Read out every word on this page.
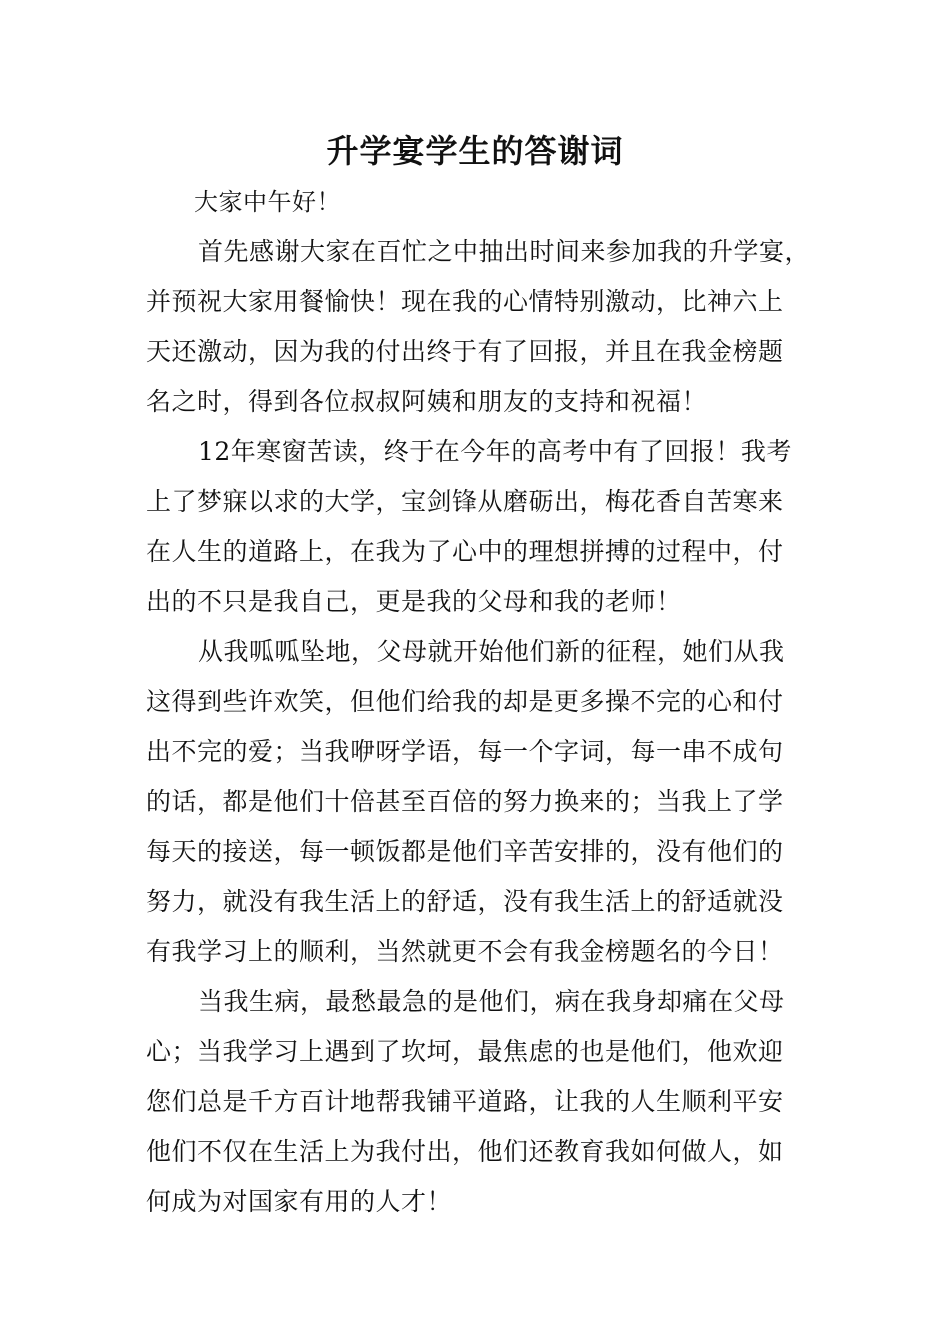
升学宴学生的答谢词
大家中午好！
首先感谢大家在百忙之中抽出时间来参加我的升学宴，
并预祝大家用餐愉快！现在我的心情特别激动，比神六上
天还激动，因为我的付出终于有了回报，并且在我金榜题
名之时，得到各位叔叔阿姨和朋友的支持和祝福！
12年寒窗苦读，终于在今年的高考中有了回报！我考
上了梦寐以求的大学，宝剑锋从磨砺出，梅花香自苦寒来
在人生的道路上，在我为了心中的理想拼搏的过程中，付
出的不只是我自己，更是我的父母和我的老师！
从我呱呱坠地，父母就开始他们新的征程，她们从我
这得到些许欢笑，但他们给我的却是更多操不完的心和付
出不完的爱；当我咿呀学语，每一个字词，每一串不成句
的话，都是他们十倍甚至百倍的努力换来的；当我上了学
每天的接送，每一顿饭都是他们辛苦安排的，没有他们的
努力，就没有我生活上的舒适，没有我生活上的舒适就没
有我学习上的顺利，当然就更不会有我金榜题名的今日！
当我生病，最愁最急的是他们，病在我身却痛在父母
心；当我学习上遇到了坎坷，最焦虑的也是他们，他欢迎
您们总是千方百计地帮我铺平道路，让我的人生顺利平安
他们不仅在生活上为我付出，他们还教育我如何做人，如
何成为对国家有用的人才！
